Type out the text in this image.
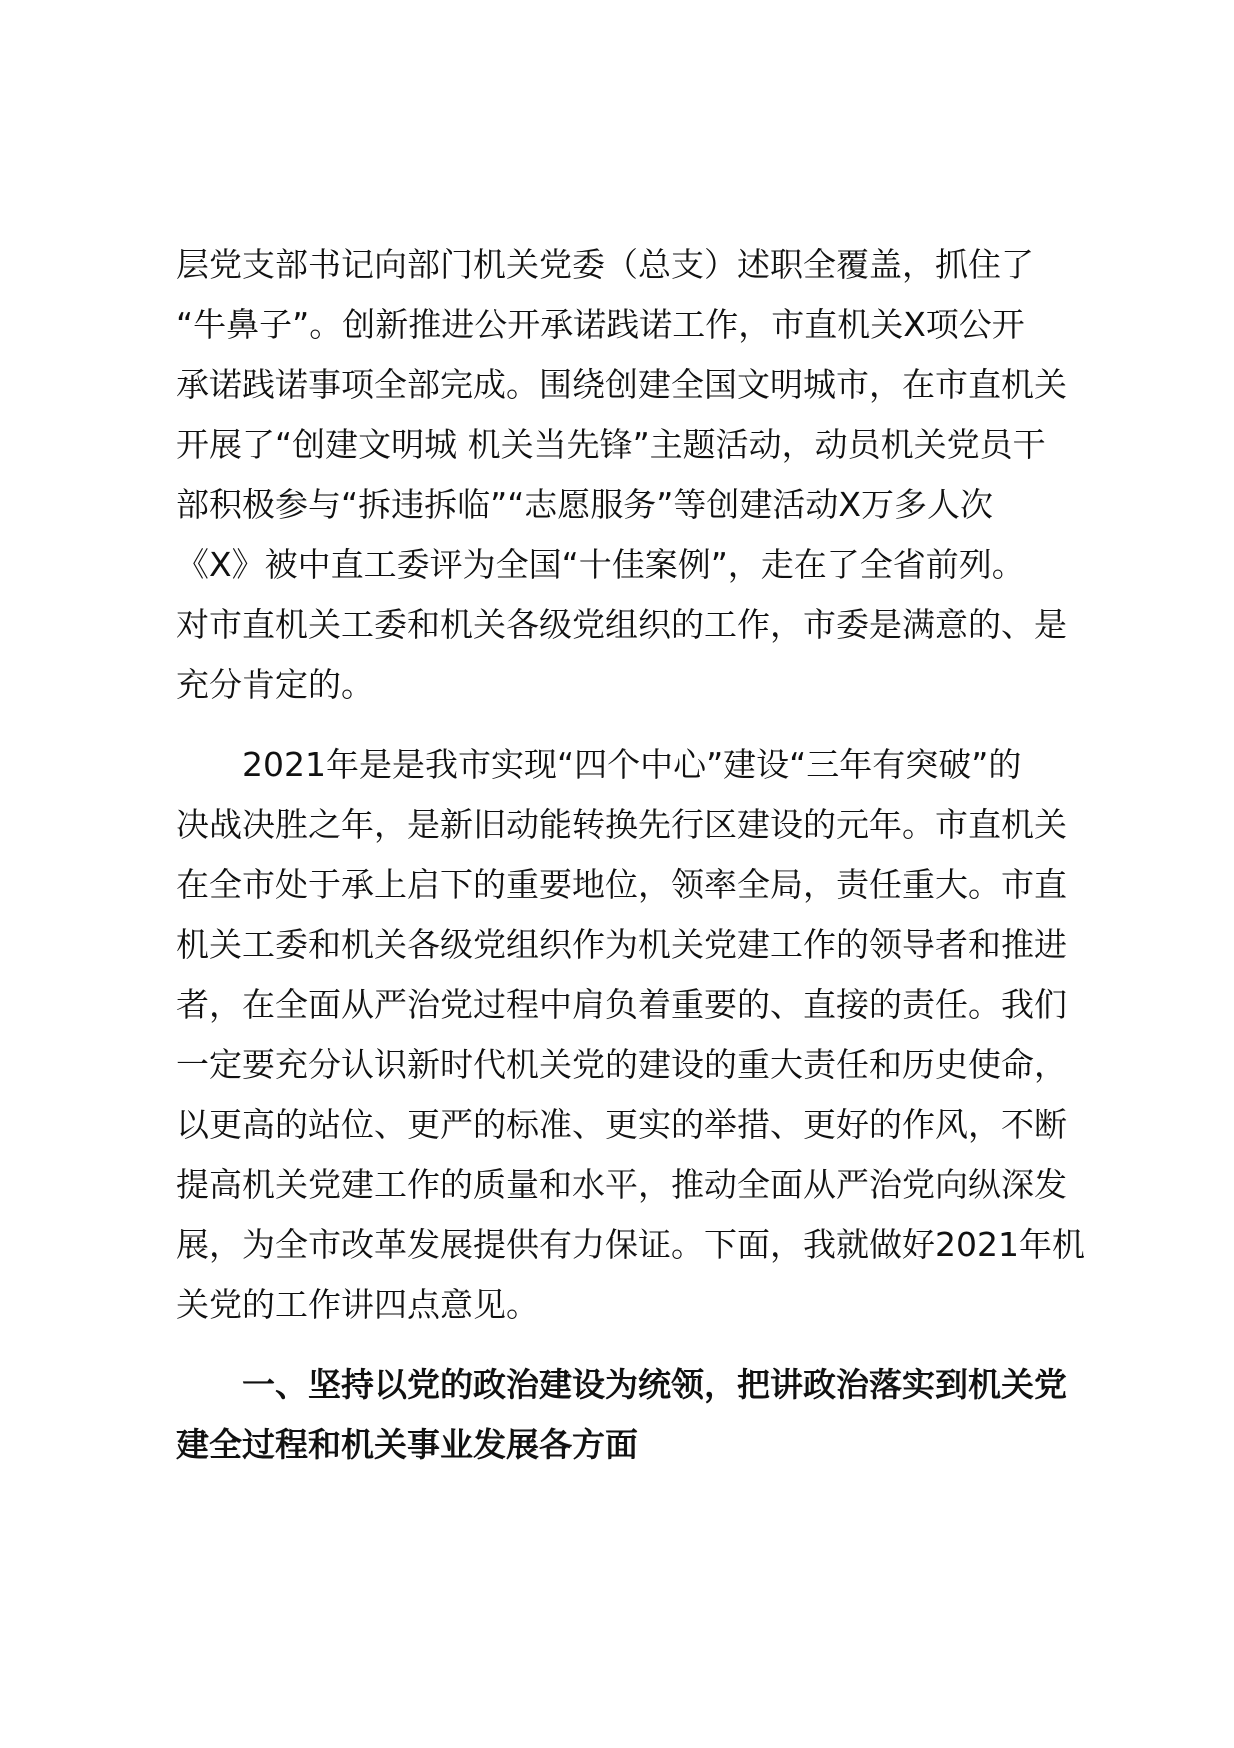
层党支部书记向部门机关党委（总支）述职全覆盖，抓住了
“牛鼻子”。创新推进公开承诺践诺工作，市直机关X项公开
承诺践诺事项全部完成。围绕创建全国文明城市，在市直机关
开展了“创建文明城 机关当先锋”主题活动，动员机关党员干
部积极参与“拆违拆临”“志愿服务”等创建活动X万多人次
《X》被中直工委评为全国“十佳案例”，走在了全省前列。
对市直机关工委和机关各级党组织的工作，市委是满意的、是
充分肯定的。
2021年是是我市实现“四个中心”建设“三年有突破”的
决战决胜之年，是新旧动能转换先行区建设的元年。市直机关
在全市处于承上启下的重要地位，领率全局，责任重大。市直
机关工委和机关各级党组织作为机关党建工作的领导者和推进
者，在全面从严治党过程中肩负着重要的、直接的责任。我们
一定要充分认识新时代机关党的建设的重大责任和历史使命，
以更高的站位、更严的标准、更实的举措、更好的作风，不断
提高机关党建工作的质量和水平，推动全面从严治党向纵深发
展，为全市改革发展提供有力保证。下面，我就做好2021年机
关党的工作讲四点意见。
一、坚持以党的政治建设为统领，把讲政治落实到机关党
建全过程和机关事业发展各方面
